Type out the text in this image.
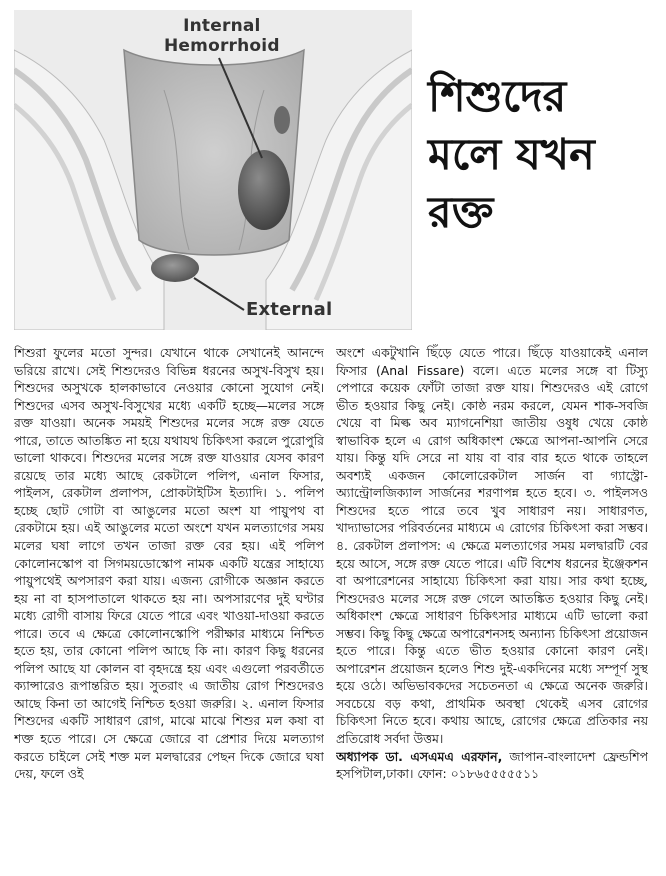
Internal
Hemorrhoid
External
শিশুদের
মলে যখন
রক্ত

শিশুরা ফুলের মতো সুন্দর। যেখানে থাকে সেখানেই আনন্দে ভরিয়ে রাখে। সেই শিশুদেরও বিভিন্ন ধরনের অসুখ-বিসুখ হয়। শিশুদের অসুখকে হালকাভাবে নেওয়ার কোনো সুযোগ নেই। শিশুদের এসব অসুখ-বিসুখের মধ্যে একটি হচ্ছে—মলের সঙ্গে রক্ত যাওয়া। অনেক সময়ই শিশুদের মলের সঙ্গে রক্ত যেতে পারে, তাতে আতঙ্কিত না হয়ে যথাযথ চিকিৎসা করলে পুরোপুরি ভালো থাকবে। শিশুদের মলের সঙ্গে রক্ত যাওয়ার যেসব কারণ রয়েছে তার মধ্যে আছে রেকটালে পলিপ, এনাল ফিসার, পাইলস, রেকটাল প্রলাপস, প্রোকটাইটিস ইত্যাদি। ১. পলিপ হচ্ছে ছোট গোটা বা আঙুলের মতো অংশ যা পায়ুপথ বা রেকটামে হয়। এই আঙুলের মতো অংশে যখন মলত্যাগের সময় মলের ঘষা লাগে তখন তাজা রক্ত বের হয়। এই পলিপ কোলোনস্কোপ বা সিগময়ডোস্কোপ নামক একটি যন্ত্রের সাহায্যে পায়ুপথেই অপসারণ করা যায়। এজন্য রোগীকে অজ্ঞান করতে হয় না বা হাসপাতালে থাকতে হয় না। অপসারণের দুই ঘণ্টার মধ্যে রোগী বাসায় ফিরে যেতে পারে এবং খাওয়া-দাওয়া করতে পারে। তবে এ ক্ষেত্রে কোলোনস্কোপি পরীক্ষার মাধ্যমে নিশ্চিত হতে হয়, তার কোনো পলিপ আছে কি না। কারণ কিছু ধরনের পলিপ আছে যা কোলন বা বৃহদন্ত্রে হয় এবং এগুলো পরবর্তীতে ক্যান্সারেও রূপান্তরিত হয়। সুতরাং এ জাতীয় রোগ শিশুদেরও আছে কিনা তা আগেই নিশ্চিত হওয়া জরুরি। ২. এনাল ফিসার শিশুদের একটি সাধারণ রোগ, মাঝে মাঝে শিশুর মল কষা বা শক্ত হতে পারে। সে ক্ষেত্রে জোরে বা প্রেশার দিয়ে মলত্যাগ করতে চাইলে সেই শক্ত মল মলদ্বারের পেছন দিকে জোরে ঘষা দেয়, ফলে ওই

অংশে একটুখানি ছিঁড়ে যেতে পারে। ছিঁড়ে যাওয়াকেই এনাল ফিসার (Anal Fissare) বলে। এতে মলের সঙ্গে বা টিস্যু পেপারে কয়েক ফোঁটা তাজা রক্ত যায়। শিশুদেরও এই রোগে ভীত হওয়ার কিছু নেই। কোষ্ঠ নরম করলে, যেমন শাক-সবজি খেয়ে বা মিল্ক অব ম্যাগনেশিয়া জাতীয় ওষুধ খেয়ে কোষ্ঠ স্বাভাবিক হলে এ রোগ অধিকাংশ ক্ষেত্রে আপনা-আপনি সেরে যায়। কিন্তু যদি সেরে না যায় বা বার বার হতে থাকে তাহলে অবশ্যই একজন কোলোরেকটাল সার্জন বা গ্যাস্ট্রো-অ্যান্ট্রোলজিক্যাল সার্জনের শরণাপন্ন হতে হবে। ৩. পাইলসও শিশুদের হতে পারে তবে খুব সাধারণ নয়। সাধারণত, খাদ্যাভাসের পরিবর্তনের মাধ্যমে এ রোগের চিকিৎসা করা সম্ভব। ৪. রেকটাল প্রলাপস: এ ক্ষেত্রে মলত্যাগের সময় মলদ্বারটি বের হয়ে আসে, সঙ্গে রক্ত যেতে পারে। এটি বিশেষ ধরনের ইঞ্জেকশন বা অপারেশনের সাহায্যে চিকিৎসা করা যায়। সার কথা হচ্ছে, শিশুদেরও মলের সঙ্গে রক্ত গেলে আতঙ্কিত হওয়ার কিছু নেই। অধিকাংশ ক্ষেত্রে সাধারণ চিকিৎসার মাধ্যমে এটি ভালো করা সম্ভব। কিছু কিছু ক্ষেত্রে অপারেশনসহ অন্যান্য চিকিৎসা প্রয়োজন হতে পারে। কিন্তু এতে ভীত হওয়ার কোনো কারণ নেই। অপারেশন প্রয়োজন হলেও শিশু দুই-একদিনের মধ্যে সম্পূর্ণ সুস্থ হয়ে ওঠে। অভিভাবকদের সচেতনতা এ ক্ষেত্রে অনেক জরুরি। সবচেয়ে বড় কথা, প্রাথমিক অবস্থা থেকেই এসব রোগের চিকিৎসা নিতে হবে। কথায় আছে, রোগের ক্ষেত্রে প্রতিকার নয় প্রতিরোধ সর্বদা উত্তম।

অধ্যাপক ডা. এসএমএ এরফান, জাপান-বাংলাদেশ ফ্রেন্ডশিপ হসপিটাল,ঢাকা। ফোন: ০১৮৬৫৫৫৫৫১১
